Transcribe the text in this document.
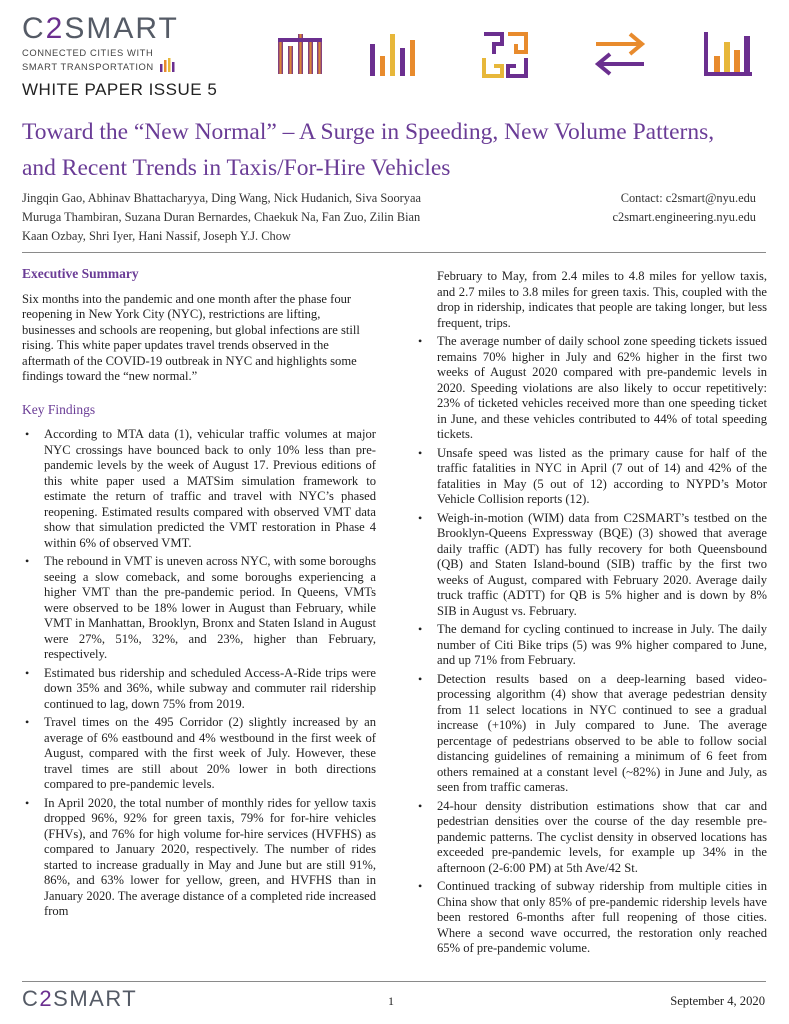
C2SMART
CONNECTED CITIES WITH
SMART TRANSPORTATION
WHITE PAPER ISSUE 5
Toward the “New Normal” – A Surge in Speeding, New Volume Patterns,
and Recent Trends in Taxis/For-Hire Vehicles
Jingqin Gao, Abhinav Bhattacharyya, Ding Wang, Nick Hudanich, Siva Sooryaa
Muruga Thambiran, Suzana Duran Bernardes, Chaekuk Na, Fan Zuo, Zilin Bian
Kaan Ozbay, Shri Iyer, Hani Nassif, Joseph Y.J. Chow
Contact: c2smart@nyu.edu
c2smart.engineering.nyu.edu
Executive Summary

Six months into the pandemic and one month after the phase four reopening in New York City (NYC), restrictions are lifting, businesses and schools are reopening, but global infections are still rising. This white paper updates travel trends observed in the aftermath of the COVID-19 outbreak in NYC and highlights some findings toward the “new normal.”

Key Findings
• According to MTA data (1), vehicular traffic volumes at major NYC crossings have bounced back to only 10% less than pre-pandemic levels by the week of August 17. Previous editions of this white paper used a MATSim simulation framework to estimate the return of traffic and travel with NYC’s phased reopening. Estimated results compared with observed VMT data show that simulation predicted the VMT restoration in Phase 4 within 6% of observed VMT.
• The rebound in VMT is uneven across NYC, with some boroughs seeing a slow comeback, and some boroughs experiencing a higher VMT than the pre-pandemic period. In Queens, VMTs were observed to be 18% lower in August than February, while VMT in Manhattan, Brooklyn, Bronx and Staten Island in August were 27%, 51%, 32%, and 23%, higher than February, respectively.
• Estimated bus ridership and scheduled Access-A-Ride trips were down 35% and 36%, while subway and commuter rail ridership continued to lag, down 75% from 2019.
• Travel times on the 495 Corridor (2) slightly increased by an average of 6% eastbound and 4% westbound in the first week of August, compared with the first week of July. However, these travel times are still about 20% lower in both directions compared to pre-pandemic levels.
• In April 2020, the total number of monthly rides for yellow taxis dropped 96%, 92% for green taxis, 79% for for-hire vehicles (FHVs), and 76% for high volume for-hire services (HVFHS) as compared to January 2020, respectively. The number of rides started to increase gradually in May and June but are still 91%, 86%, and 63% lower for yellow, green, and HVFHS than in January 2020. The average distance of a completed ride increased from

February to May, from 2.4 miles to 4.8 miles for yellow taxis, and 2.7 miles to 3.8 miles for green taxis. This, coupled with the drop in ridership, indicates that people are taking longer, but less frequent, trips.

• The average number of daily school zone speeding tickets issued remains 70% higher in July and 62% higher in the first two weeks of August 2020 compared with pre-pandemic levels in 2020. Speeding violations are also likely to occur repetitively: 23% of ticketed vehicles received more than one speeding ticket in June, and these vehicles contributed to 44% of total speeding tickets.
• Unsafe speed was listed as the primary cause for half of the traffic fatalities in NYC in April (7 out of 14) and 42% of the fatalities in May (5 out of 12) according to NYPD’s Motor Vehicle Collision reports (12).
• Weigh-in-motion (WIM) data from C2SMART’s testbed on the Brooklyn-Queens Expressway (BQE) (3) showed that average daily traffic (ADT) has fully recovery for both Queensbound (QB) and Staten Island-bound (SIB) traffic by the first two weeks of August, compared with February 2020. Average daily truck traffic (ADTT) for QB is 5% higher and is down by 8% SIB in August vs. February.
• The demand for cycling continued to increase in July. The daily number of Citi Bike trips (5) was 9% higher compared to June, and up 71% from February.
• Detection results based on a deep-learning based video-processing algorithm (4) show that average pedestrian density from 11 select locations in NYC continued to see a gradual increase (+10%) in July compared to June. The average percentage of pedestrians observed to be able to follow social distancing guidelines of remaining a minimum of 6 feet from others remained at a constant level (~82%) in June and July, as seen from traffic cameras.
• 24-hour density distribution estimations show that car and pedestrian densities over the course of the day resemble pre-pandemic patterns. The cyclist density in observed locations has exceeded pre-pandemic levels, for example up 34% in the afternoon (2-6:00 PM) at 5th Ave/42 St.
• Continued tracking of subway ridership from multiple cities in China show that only 85% of pre-pandemic ridership levels have been restored 6-months after full reopening of those cities. Where a second wave occurred, the restoration only reached 65% of pre-pandemic volume.
C2SMART	1	September 4, 2020
